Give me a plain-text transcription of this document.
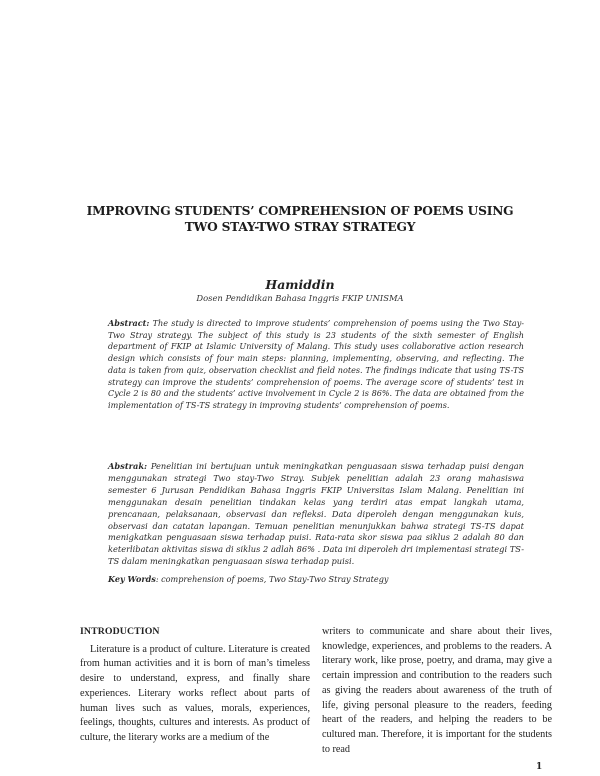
IMPROVING STUDENTS’ COMPREHENSION OF POEMS USING
TWO STAY-TWO STRAY STRATEGY
Hamiddin
Dosen Pendidikan Bahasa Inggris FKIP UNISMA
Abstract: The study is directed to improve students’ comprehension of poems using the Two Stay-Two Stray strategy. The subject of this study is 23 students of the sixth semester of English department of FKIP at Islamic University of Malang. This study uses collaborative action research design which consists of four main steps: planning, implementing, observing, and reflecting. The data is taken from quiz, observation checklist and field notes. The findings indicate that using TS-TS strategy can improve the students’ comprehension of poems. The average score of students’ test in Cycle 2 is 80 and the students’ active involvement in Cycle 2 is 86%. The data are obtained from the implementation of TS-TS strategy in improving students’ comprehension of poems.
Abstrak: Penelitian ini bertujuan untuk meningkatkan penguasaan siswa terhadap puisi dengan menggunakan strategi Two stay-Two Stray. Subjek penelitian adalah 23 orang mahasiswa semester 6 Jurusan Pendidikan Bahasa Inggris FKIP Universitas Islam Malang. Penelitian ini menggunakan desain penelitian tindakan kelas yang terdiri atas empat langkah utama, prencanaan, pelaksanaan, observasi dan refleksi. Data diperoleh dengan menggunakan kuis, observasi dan catatan lapangan. Temuan penelitian menunjukkan bahwa strategi TS-TS dapat menigkatkan penguasaan siswa terhadap puisi. Rata-rata skor siswa paa siklus 2 adalah 80 dan keterlibatan aktivitas siswa di siklus 2 adlah 86% . Data ini diperoleh dri implementasi strategi TS-TS dalam meningkatkan penguasaan siswa terhadap puisi.
Key Words: comprehension of poems, Two Stay-Two Stray Strategy
INTRODUCTION

Literature is a product of culture. Literature is created from human activities and it is born of man’s timeless desire to understand, express, and finally share experiences. Literary works reflect about parts of human lives such as values, morals, experiences, feelings, thoughts, cultures and interests. As product of culture, the literary works are a medium of the

writers to communicate and share about their lives, knowledge, experiences, and problems to the readers. A literary work, like prose, poetry, and drama, may give a certain impression and contribution to the readers such as giving the readers about awareness of the truth of life, giving personal pleasure to the readers, feeding heart of the readers, and helping the readers to be cultured man. Therefore, it is important for the students to read

1
